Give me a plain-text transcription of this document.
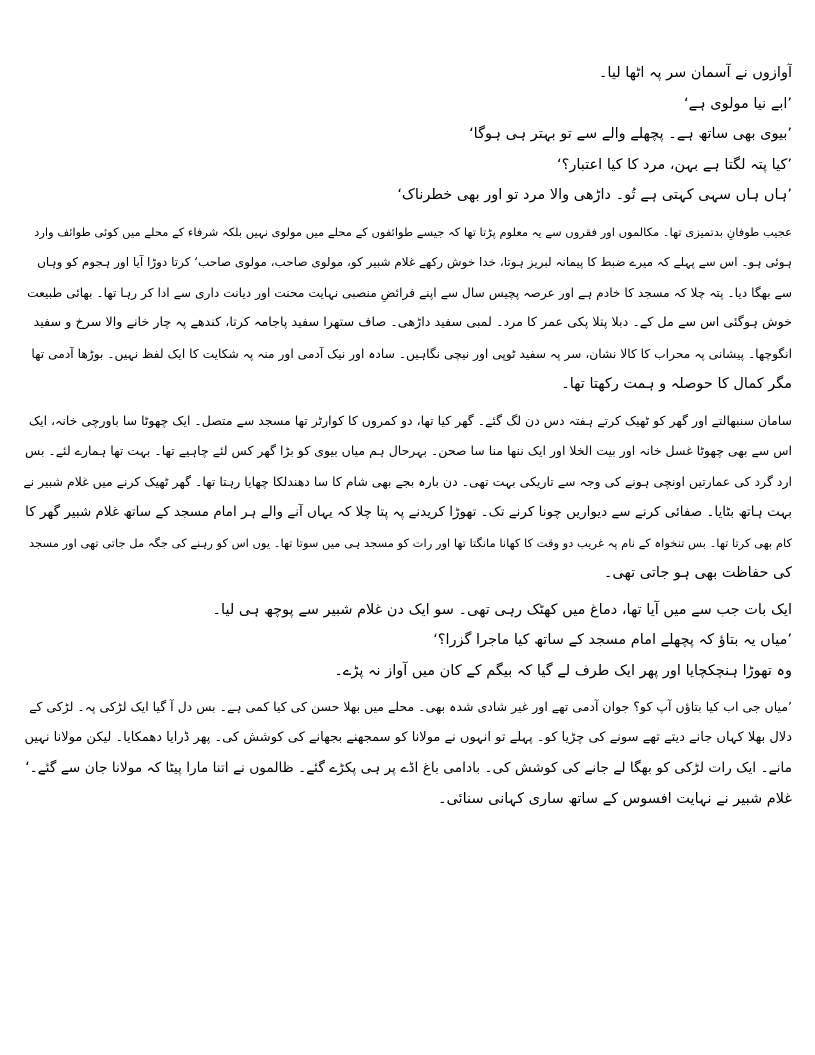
آوازوں نے آسمان سر پہ اٹھا لیا۔
’ابے نیا مولوی ہے‘
’بیوی بھی ساتھ ہے۔ پچھلے والے سے تو بہتر ہی ہوگا‘
’کیا پتہ لگتا ہے بہن، مرد کا کیا اعتبار؟‘
’ہاں ہاں سہی کہتی ہے تُو۔ داڑھی والا مرد تو اور بھی خطرناک‘
عجیب طوفانِ بدتمیزی تھا۔ مکالموں اور فقروں سے یہ معلوم پڑتا تھا کہ جیسے طوائفوں کے محلے میں مولوی نہیں بلکہ شرفاء کے محلے میں کوئی طوائف وارد
ہوئی ہو۔ اس سے پہلے کہ میرے ضبط کا پیمانہ لبریز ہوتا، خدا خوش رکھے غلام شبیر کو، مولوی صاحب، مولوی صاحب‘ کرتا دوڑا آیا اور ہجوم کو وہاں
سے بھگا دیا۔ پتہ چلا کہ مسجد کا خادم ہے اور عرصہ پچیس سال سے اپنے فرائضِ منصبی نہایت محنت اور دیانت داری سے ادا کر رہا تھا۔ بھائی طبیعت
خوش ہوگئی اس سے مل کے۔ دبلا پتلا پکی عمر کا مرد۔ لمبی سفید داڑھی۔ صاف ستھرا سفید پاجامہ کرتا، کندھے پہ چار خانے والا سرخ و سفید
انگوچھا۔ پیشانی پہ محراب کا کالا نشان، سر پہ سفید ٹوپی اور نیچی نگاہیں۔ سادہ اور نیک آدمی اور منہ پہ شکایت کا ایک لفظ نہیں۔ بوڑھا آدمی تھا
مگر کمال کا حوصلہ و ہمت رکھتا تھا۔
سامان سنبھالتے اور گھر کو ٹھیک کرتے ہفتہ دس دن لگ گئے۔ گھر کیا تھا، دو کمروں کا کوارٹر تھا مسجد سے متصل۔ ایک چھوٹا سا باورچی خانہ، ایک
اس سے بھی چھوٹا غسل خانہ اور بیت الخلا اور ایک ننھا منا سا صحن۔ بہرحال ہم میاں بیوی کو بڑا گھر کس لئے چاہیے تھا۔ بہت تھا ہمارے لئے۔ بس
ارد گرد کی عمارتیں اونچی ہونے کی وجہ سے تاریکی بہت تھی۔ دن بارہ بجے بھی شام کا سا دھندلکا چھایا رہتا تھا۔ گھر ٹھیک کرنے میں غلام شبیر نے
بہت ہاتھ بٹایا۔ صفائی کرنے سے دیواریں چونا کرنے تک۔ تھوڑا کریدنے پہ پتا چلا کہ یہاں آنے والے ہر امام مسجد کے ساتھ غلام شبیر گھر کا
کام بھی کرتا تھا۔ بس تنخواہ کے نام پہ غریب دو وقت کا کھانا مانگتا تھا اور رات کو مسجد ہی میں سوتا تھا۔ یوں اس کو رہنے کی جگہ مل جاتی تھی اور مسجد
کی حفاظت بھی ہو جاتی تھی۔
ایک بات جب سے میں آیا تھا، دماغ میں کھٹک رہی تھی۔ سو ایک دن غلام شبیر سے پوچھ ہی لیا۔
’میاں یہ بتاؤ کہ پچھلے امام مسجد کے ساتھ کیا ماجرا گزرا؟‘
وہ تھوڑا ہنچکچایا اور پھر ایک طرف لے گیا کہ بیگم کے کان میں آواز نہ پڑے۔
’میاں جی اب کیا بتاؤں آپ کو؟ جوان آدمی تھے اور غیر شادی شدہ بھی۔ محلے میں بھلا حسن کی کیا کمی ہے۔ بس دل آ گیا ایک لڑکی پہ۔ لڑکی کے
دلال بھلا کہاں جانے دیتے تھے سونے کی چڑیا کو۔ پہلے تو انہوں نے مولانا کو سمجھنے بجھانے کی کوشش کی۔ پھر ڈرایا دھمکایا۔ لیکن مولانا نہیں
مانے۔ ایک رات لڑکی کو بھگا لے جانے کی کوشش کی۔ بادامی باغ اڈے پر ہی پکڑے گئے۔ ظالموں نے اتنا مارا پیٹا کہ مولانا جان سے گئے۔‘
غلام شبیر نے نہایت افسوس کے ساتھ ساری کہانی سنائی۔
